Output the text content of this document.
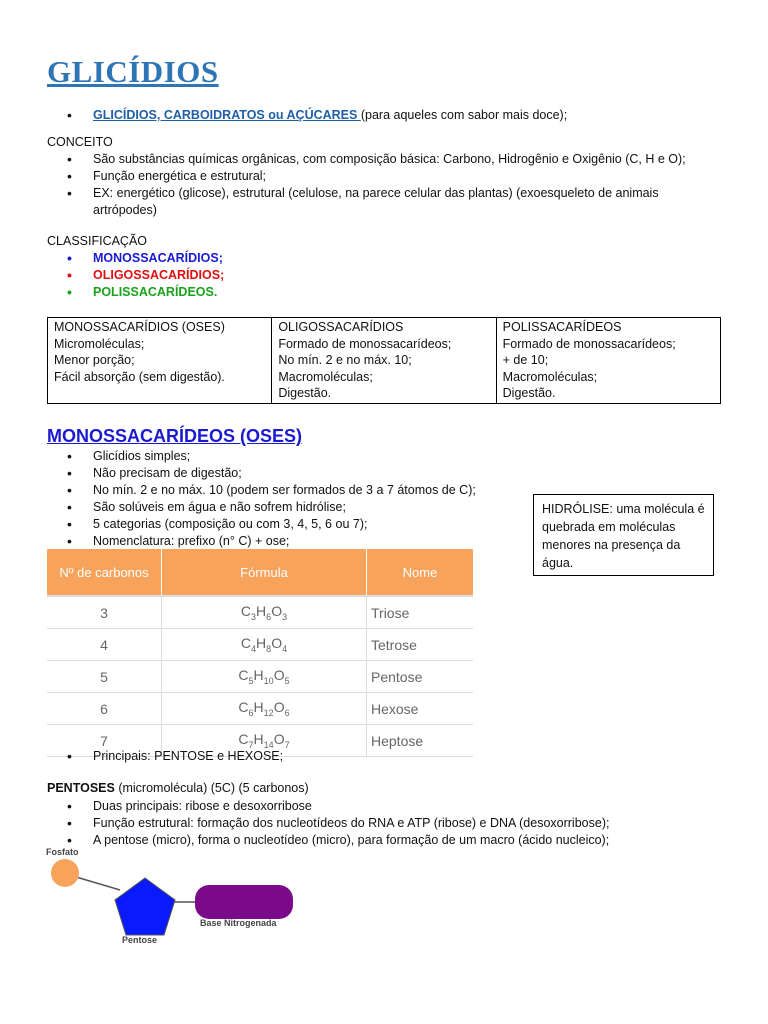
GLICÍDIOS
• GLICÍDIOS, CARBOIDRATOS ou AÇÚCARES (para aqueles com sabor mais doce);
CONCEITO
• São substâncias químicas orgânicas, com composição básica: Carbono, Hidrogênio e Oxigênio (C, H e O);
• Função energética e estrutural;
• EX: energético (glicose), estrutural (celulose, na parece celular das plantas) (exoesqueleto de animais artrópodes)
CLASSIFICAÇÃO
• MONOSSACARÍDIOS;
• OLIGOSSACARÍDIOS;
• POLISSACARÍDEOS.
MONOSSACARÍDIOS (OSES)
Micromoléculas;
Menor porção;
Fácil absorção (sem digestão).

OLIGOSSACARÍDIOS
Formado de monossacarídeos;
No mín. 2 e no máx. 10;
Macromoléculas;
Digestão.

POLISSACARÍDEOS
Formado de monossacarídeos;
+ de 10;
Macromoléculas;
Digestão.
MONOSSACARÍDEOS (OSES)
• Glicídios simples;
• Não precisam de digestão;
• No mín. 2 e no máx. 10 (podem ser formados de 3 a 7 átomos de C);
• São solúveis em água e não sofrem hidrólise;
• 5 categorias (composição ou com 3, 4, 5, 6 ou 7);
• Nomenclatura: prefixo (n° C) + ose;
HIDRÓLISE: uma molécula é quebrada em moléculas menores na presença da água.
Nº de carbonos	Fórmula	Nome
3	$C_3H_6O_3$	Triose
4	$C_4H_8O_4$	Tetrose
5	$C_5H_{10}O_5$	Pentose
6	$C_6H_{12}O_6$	Hexose
7	$C_7H_{14}O_7$	Heptose
• Principais: PENTOSE e HEXOSE;
PENTOSES (micromolécula) (5C) (5 carbonos)
• Duas principais: ribose e desoxorribose
• Função estrutural: formação dos nucleotídeos do RNA e ATP (ribose) e DNA (desoxorribose);
• A pentose (micro), forma o nucleotídeo (micro), para formação de um macro (ácido nucleico);
Fosfato
Pentose
Base Nitrogenada
